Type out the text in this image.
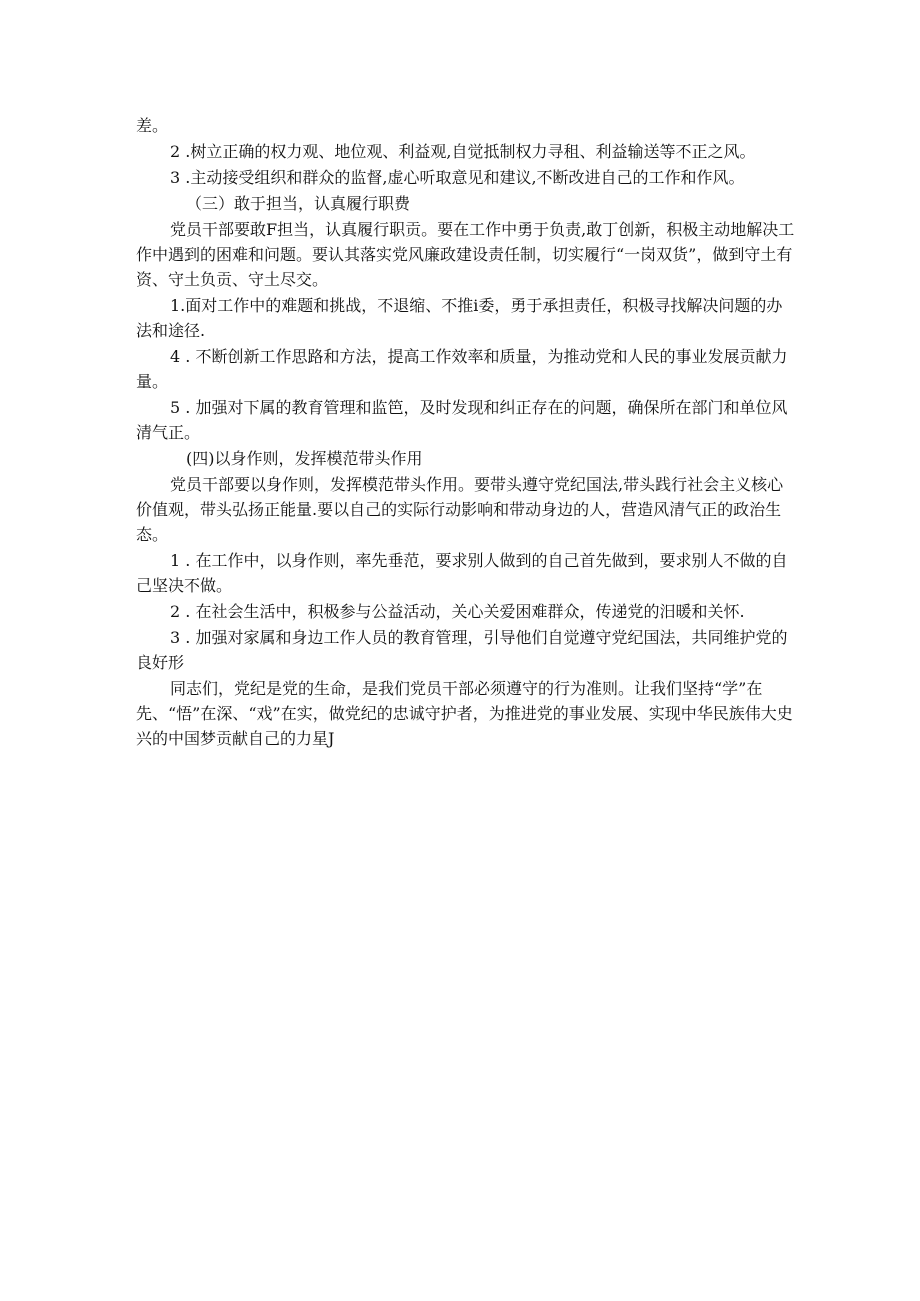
差。

2 .树立正确的权力观、地位观、利益观,自觉抵制权力寻租、利益输送等不正之风。

3 .主动接受组织和群众的监督,虚心听取意见和建议,不断改进自己的工作和作风。

（三）敢于担当，认真履行职费

党员干部要敢F担当，认真履行职贡。要在工作中勇于负责,敢丁创新，积极主动地解决工作中遇到的困难和问题。要认其落实党风廉政建设责任制，切实履行“一岗双货”，做到守土有资、守土负贡、守土尽交。

1.面对工作中的难题和挑战，不退缩、不推i委，勇于承担责任，积极寻找解决问题的办法和途径.

4 . 不断创新工作思路和方法，提高工作效率和质量，为推动党和人民的事业发展贡献力量。

5 . 加强对下属的教育管理和监笆，及时发现和纠正存在的问题，确保所在部门和单位风清气正。

(四)以身作则，发挥模范带头作用

党员干部要以身作则，发挥模范带头作用。要带头遵守党纪国法,带头践行社会主义核心价值观，带头弘扬正能量.要以自己的实际行动影响和带动身边的人，营造风清气正的政治生态。

1 . 在工作中，以身作则，率先垂范，要求别人做到的自己首先做到，要求别人不做的自己坚决不做。

2 . 在社会生活中，积极参与公益活动，关心关爱困难群众，传递党的汨暖和关怀.

3 . 加强对家属和身边工作人员的教育管理，引导他们自觉遵守党纪国法，共同维护党的良好形

同志们，党纪是党的生命，是我们党员干部必须遵守的行为准则。让我们坚持“学”在先、“悟”在深、“戏”在实，做党纪的忠诚守护者，为推进党的事业发展、实现中华民族伟大史兴的中国梦贡献自己的力星J
